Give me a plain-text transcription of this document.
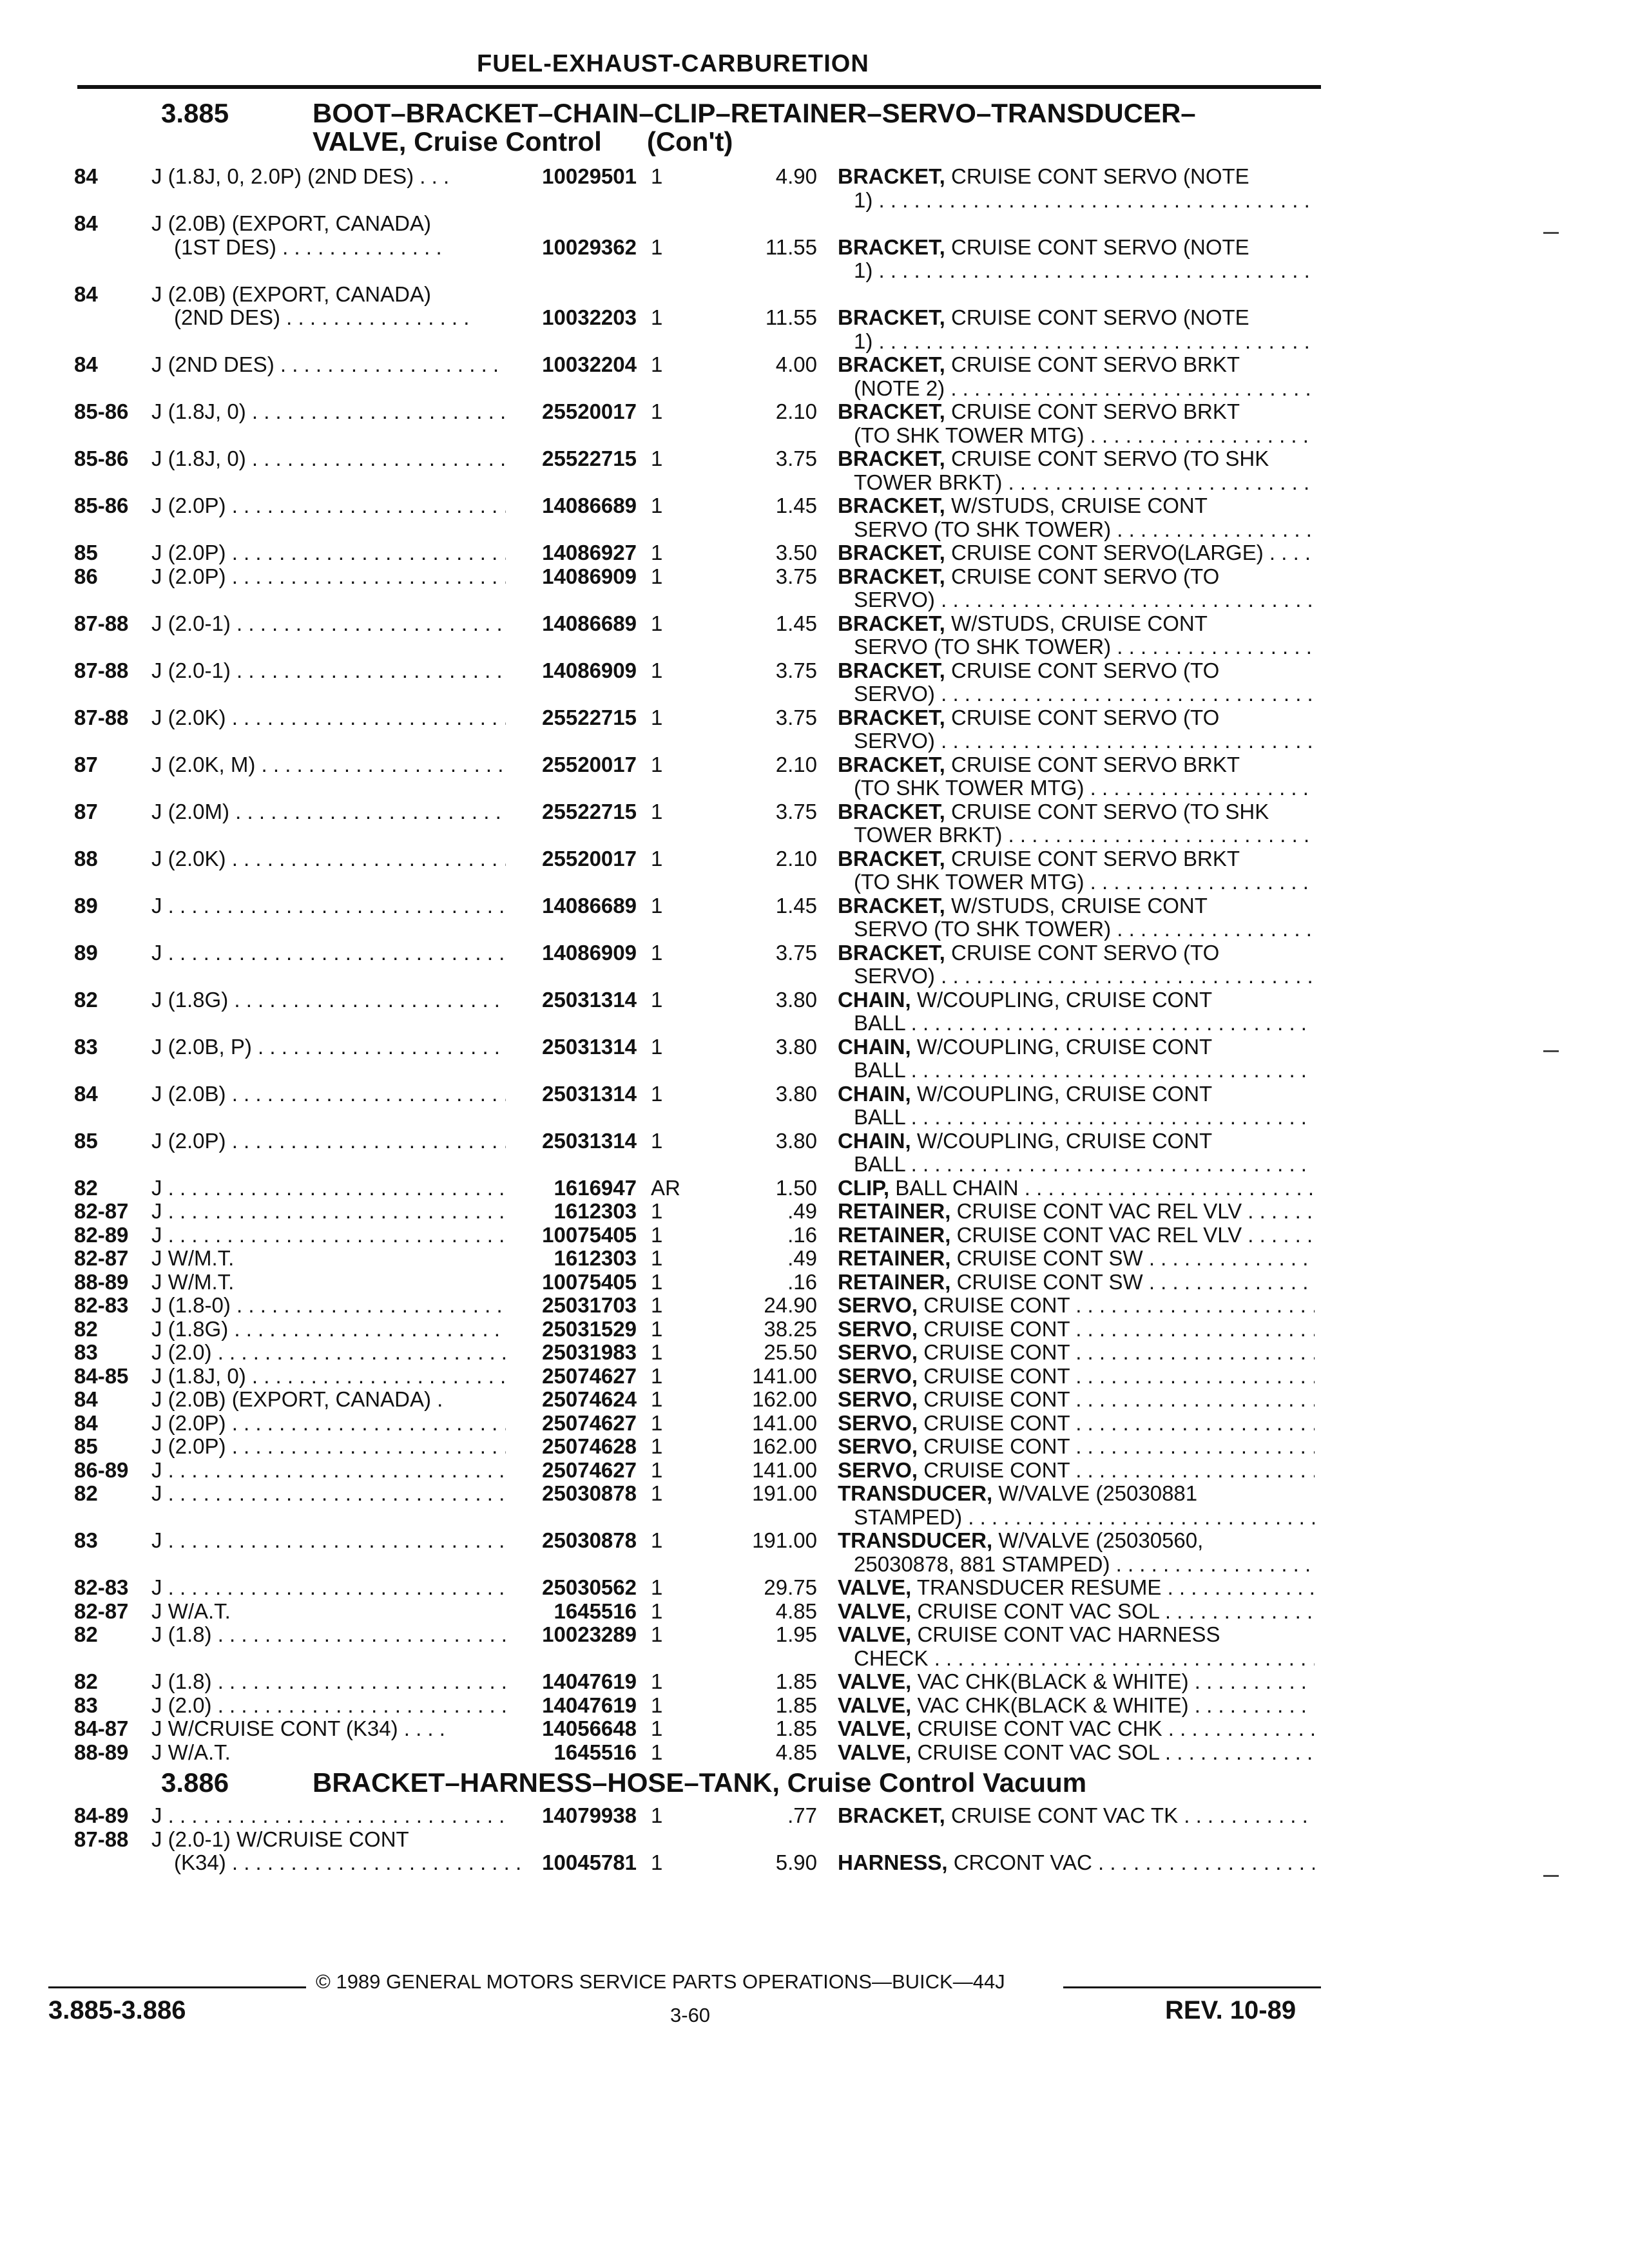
FUEL-EXHAUST-CARBURETION
3.885	BOOT–BRACKET–CHAIN–CLIP–RETAINER–SERVO–TRANSDUCER–
VALVE, Cruise Control      (Con't)
84	J (1.8J, 0, 2.0P) (2ND DES) . . .	10029501 1	4.90 BRACKET, CRUISE CONT SERVO (NOTE
1) . . .
84	J (2.0B) (EXPORT, CANADA)
(1ST DES) . . . . . . . . . . . . . .	10029362 1	11.55 BRACKET, CRUISE CONT SERVO (NOTE
1) . . .
84	J (2.0B) (EXPORT, CANADA)
(2ND DES) . . . . . . . . . . . . . . . .	10032203 1	11.55 BRACKET, CRUISE CONT SERVO (NOTE
1) . . .
84	J (2ND DES) . . .	10032204 1	4.00 BRACKET, CRUISE CONT SERVO BRKT
(NOTE 2) . . .
85-86 J (1.8J, 0) . . .	25520017 1	2.10 BRACKET, CRUISE CONT SERVO BRKT
(TO SHK TOWER MTG) . . .
85-86 J (1.8J, 0) . . .	25522715 1	3.75 BRACKET, CRUISE CONT SERVO (TO SHK
TOWER BRKT) . . .
85-86 J (2.0P) . . .	14086689 1	1.45 BRACKET, W/STUDS, CRUISE CONT
SERVO (TO SHK TOWER) . . .
85	J (2.0P) . . .	14086927 1	3.50 BRACKET, CRUISE CONT SERVO(LARGE) . . .
86	J (2.0P) . . .	14086909 1	3.75 BRACKET, CRUISE CONT SERVO (TO
SERVO) . . .
87-88 J (2.0-1) . . .	14086689 1	1.45 BRACKET, W/STUDS, CRUISE CONT
SERVO (TO SHK TOWER) . . .
87-88 J (2.0-1) . . .	14086909 1	3.75 BRACKET, CRUISE CONT SERVO (TO
SERVO) . . .
87-88 J (2.0K) . . .	25522715 1	3.75 BRACKET, CRUISE CONT SERVO (TO
SERVO) . . .
87	J (2.0K, M) . . .	25520017 1	2.10 BRACKET, CRUISE CONT SERVO BRKT
(TO SHK TOWER MTG) . . .
87	J (2.0M) . . .	25522715 1	3.75 BRACKET, CRUISE CONT SERVO (TO SHK
TOWER BRKT) . . .
88	J (2.0K) . . .	25520017 1	2.10 BRACKET, CRUISE CONT SERVO BRKT
(TO SHK TOWER MTG) . . .
89	J . . .	14086689 1	1.45 BRACKET, W/STUDS, CRUISE CONT
SERVO (TO SHK TOWER) . . .
89	J . . .	14086909 1	3.75 BRACKET, CRUISE CONT SERVO (TO
SERVO) . . .
82	J (1.8G) . . .	25031314 1	3.80 CHAIN, W/COUPLING, CRUISE CONT
BALL . . .
83	J (2.0B, P) . . .	25031314 1	3.80 CHAIN, W/COUPLING, CRUISE CONT
BALL . . .
84	J (2.0B) . . .	25031314 1	3.80 CHAIN, W/COUPLING, CRUISE CONT
BALL . . .
85	J (2.0P) . . .	25031314 1	3.80 CHAIN, W/COUPLING, CRUISE CONT
BALL . . .
82	J . . .	1616947 AR	1.50 CLIP, BALL CHAIN . . .
82-87 J . . .	1612303 1	.49 RETAINER, CRUISE CONT VAC REL VLV . . .
82-89 J . . .	10075405 1	.16 RETAINER, CRUISE CONT VAC REL VLV . . .
82-87 J W/M.T.	1612303 1	.49 RETAINER, CRUISE CONT SW . . .
88-89 J W/M.T.	10075405 1	.16 RETAINER, CRUISE CONT SW . . .
82-83 J (1.8-0) . . .	25031703 1	24.90 SERVO, CRUISE CONT . . .
82	J (1.8G) . . .	25031529 1	38.25 SERVO, CRUISE CONT . . .
83	J (2.0) . . .	25031983 1	25.50 SERVO, CRUISE CONT . . .
84-85 J (1.8J, 0) . . .	25074627 1	141.00 SERVO, CRUISE CONT . . .
84	J (2.0B) (EXPORT, CANADA) .	25074624 1	162.00 SERVO, CRUISE CONT . . .
84	J (2.0P) . . .	25074627 1	141.00 SERVO, CRUISE CONT . . .
85	J (2.0P) . . .	25074628 1	162.00 SERVO, CRUISE CONT . . .
86-89 J . . .	25074627 1	141.00 SERVO, CRUISE CONT . . .
82	J . . .	25030878 1	191.00 TRANSDUCER, W/VALVE (25030881
STAMPED) . . .
83	J . . .	25030878 1	191.00 TRANSDUCER, W/VALVE (25030560,
25030878, 881 STAMPED) . . .
82-83 J . . .	25030562 1	29.75 VALVE, TRANSDUCER RESUME . . .
82-87 J W/A.T.	1645516 1	4.85 VALVE, CRUISE CONT VAC SOL . . .
82	J (1.8) . . .	10023289 1	1.95 VALVE, CRUISE CONT VAC HARNESS
CHECK . . .
82	J (1.8) . . .	14047619 1	1.85 VALVE, VAC CHK(BLACK & WHITE) . . .
83	J (2.0) . . .	14047619 1	1.85 VALVE, VAC CHK(BLACK & WHITE) . . .
84-87 J W/CRUISE CONT (K34) . . . .	14056648 1	1.85 VALVE, CRUISE CONT VAC CHK . . .
88-89 J W/A.T.	1645516 1	4.85 VALVE, CRUISE CONT VAC SOL . . .
3.886	BRACKET–HARNESS–HOSE–TANK, Cruise Control Vacuum
84-89 J . . .	14079938 1	.77 BRACKET, CRUISE CONT VAC TK . . .
87-88 J (2.0-1) W/CRUISE CONT
(K34) . . .	10045781 1	5.90 HARNESS, CRCONT VAC . . .
© 1989 GENERAL MOTORS SERVICE PARTS OPERATIONS—BUICK—44J
3.885-3.886	3-60	REV. 10-89
